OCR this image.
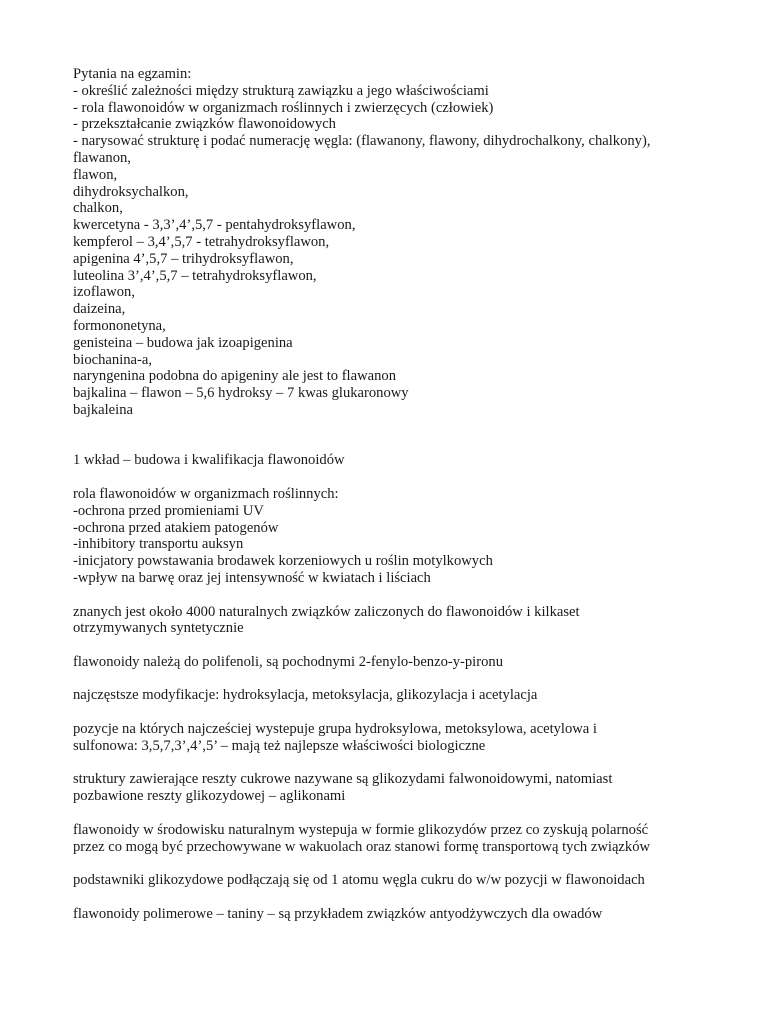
Pytania na egzamin:
- określić zależności między strukturą zawiązku a jego właściwościami
- rola flawonoidów w organizmach roślinnych i zwierzęcych (człowiek)
- przekształcanie związków flawonoidowych
- narysować strukturę i podać numerację węgla: (flawanony, flawony, dihydrochalkony, chalkony),
flawanon,
flawon,
dihydroksychalkon,
chalkon,
kwercetyna - 3,3’,4’,5,7 - pentahydroksyflawon,
kempferol – 3,4’,5,7 - tetrahydroksyflawon,
apigenina 4’,5,7 – trihydroksyflawon,
luteolina 3’,4’,5,7 – tetrahydroksyflawon,
izoflawon,
daizeina,
formononetyna,
genisteina – budowa jak izoapigenina
biochanina-a,
naryngenina podobna do apigeniny ale jest to flawanon
bajkalina – flawon – 5,6 hydroksy – 7 kwas glukaronowy
bajkaleina
1 wkład – budowa i kwalifikacja flawonoidów
rola flawonoidów w organizmach roślinnych:
-ochrona przed promieniami UV
-ochrona przed atakiem patogenów
-inhibitory transportu auksyn
-inicjatory powstawania brodawek korzeniowych u roślin motylkowych
-wpływ na barwę oraz jej intensywność w kwiatach i liściach
znanych jest około 4000 naturalnych związków zaliczonych do flawonoidów i kilkaset
otrzymywanych syntetycznie
flawonoidy należą do polifenoli, są pochodnymi 2-fenylo-benzo-y-pironu
najczęstsze modyfikacje: hydroksylacja, metoksylacja, glikozylacja i acetylacja
pozycje na których najcześciej wystepuje grupa hydroksylowa, metoksylowa, acetylowa i
sulfonowa: 3,5,7,3’,4’,5’ – mają też najlepsze właściwości biologiczne
struktury zawierające reszty cukrowe nazywane są glikozydami falwonoidowymi, natomiast
pozbawione reszty glikozydowej – aglikonami
flawonoidy w środowisku naturalnym wystepuja w formie glikozydów przez co zyskują polarność
przez co mogą być przechowywane w wakuolach oraz stanowi formę transportową tych związków
podstawniki glikozydowe podłączają się od 1 atomu węgla cukru do w/w pozycji w flawonoidach
flawonoidy polimerowe – taniny – są przykładem związków antyodżywczych dla owadów
